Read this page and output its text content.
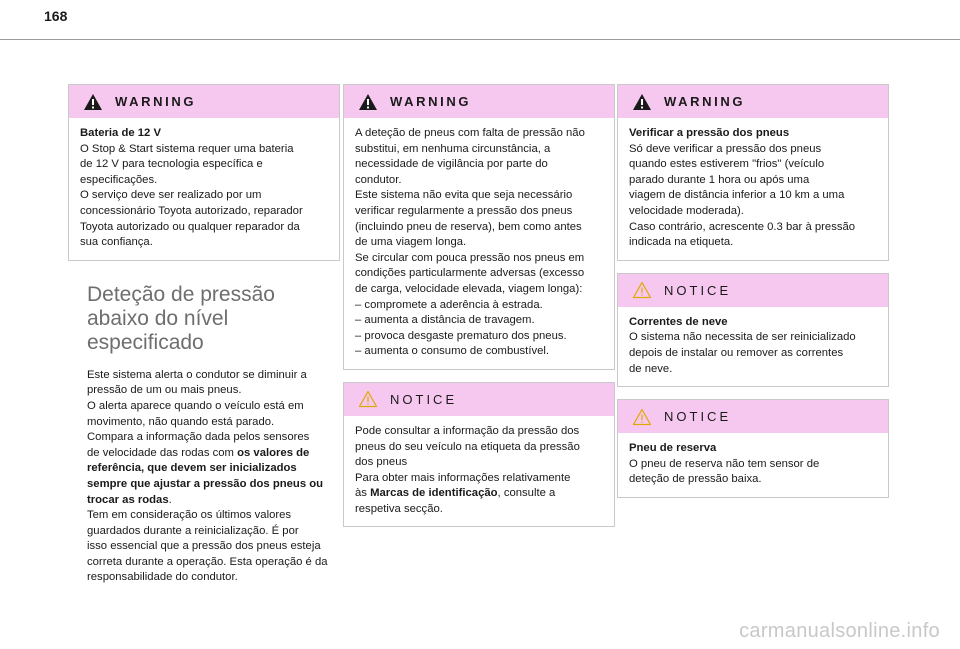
168
WARNING

Bateria de 12 V

O Stop & Start sistema requer uma bateria

de 12 V para tecnologia específica e

especificações.

O serviço deve ser realizado por um

concessionário Toyota autorizado, reparador

Toyota autorizado ou qualquer reparador da

sua confiança.

Deteção de pressão
abaixo do nível
especificado

Este sistema alerta o condutor se diminuir a

pressão de um ou mais pneus.

O alerta aparece quando o veículo está em

movimento, não quando está parado.

Compara a informação dada pelos sensores

de velocidade das rodas com os valores de

referência, que devem ser inicializados

sempre que ajustar a pressão dos pneus ou

trocar as rodas.

Tem em consideração os últimos valores

guardados durante a reinicialização. É por

isso essencial que a pressão dos pneus esteja

correta durante a operação. Esta operação é da

responsabilidade do condutor.

WARNING

A deteção de pneus com falta de pressão não

substitui, em nenhuma circunstância, a

necessidade de vigilância por parte do

condutor.

Este sistema não evita que seja necessário

verificar regularmente a pressão dos pneus

(incluindo pneu de reserva), bem como antes

de uma viagem longa.

Se circular com pouca pressão nos pneus em

condições particularmente adversas (excesso

de carga, velocidade elevada, viagem longa):

– compromete a aderência à estrada.

– aumenta a distância de travagem.

– provoca desgaste prematuro dos pneus.

– aumenta o consumo de combustível.

NOTICE

Pode consultar a informação da pressão dos

pneus do seu veículo na etiqueta da pressão

dos pneus

Para obter mais informações relativamente

às Marcas de identificação, consulte a

respetiva secção.

WARNING

Verificar a pressão dos pneus

Só deve verificar a pressão dos pneus

quando estes estiverem "frios" (veículo

parado durante 1 hora ou após uma

viagem de distância inferior a 10 km a uma

velocidade moderada).

Caso contrário, acrescente 0.3 bar à pressão

indicada na etiqueta.

NOTICE

Correntes de neve

O sistema não necessita de ser reinicializado

depois de instalar ou remover as correntes

de neve.

NOTICE

Pneu de reserva

O pneu de reserva não tem sensor de

deteção de pressão baixa.

carmanualsonline.info
